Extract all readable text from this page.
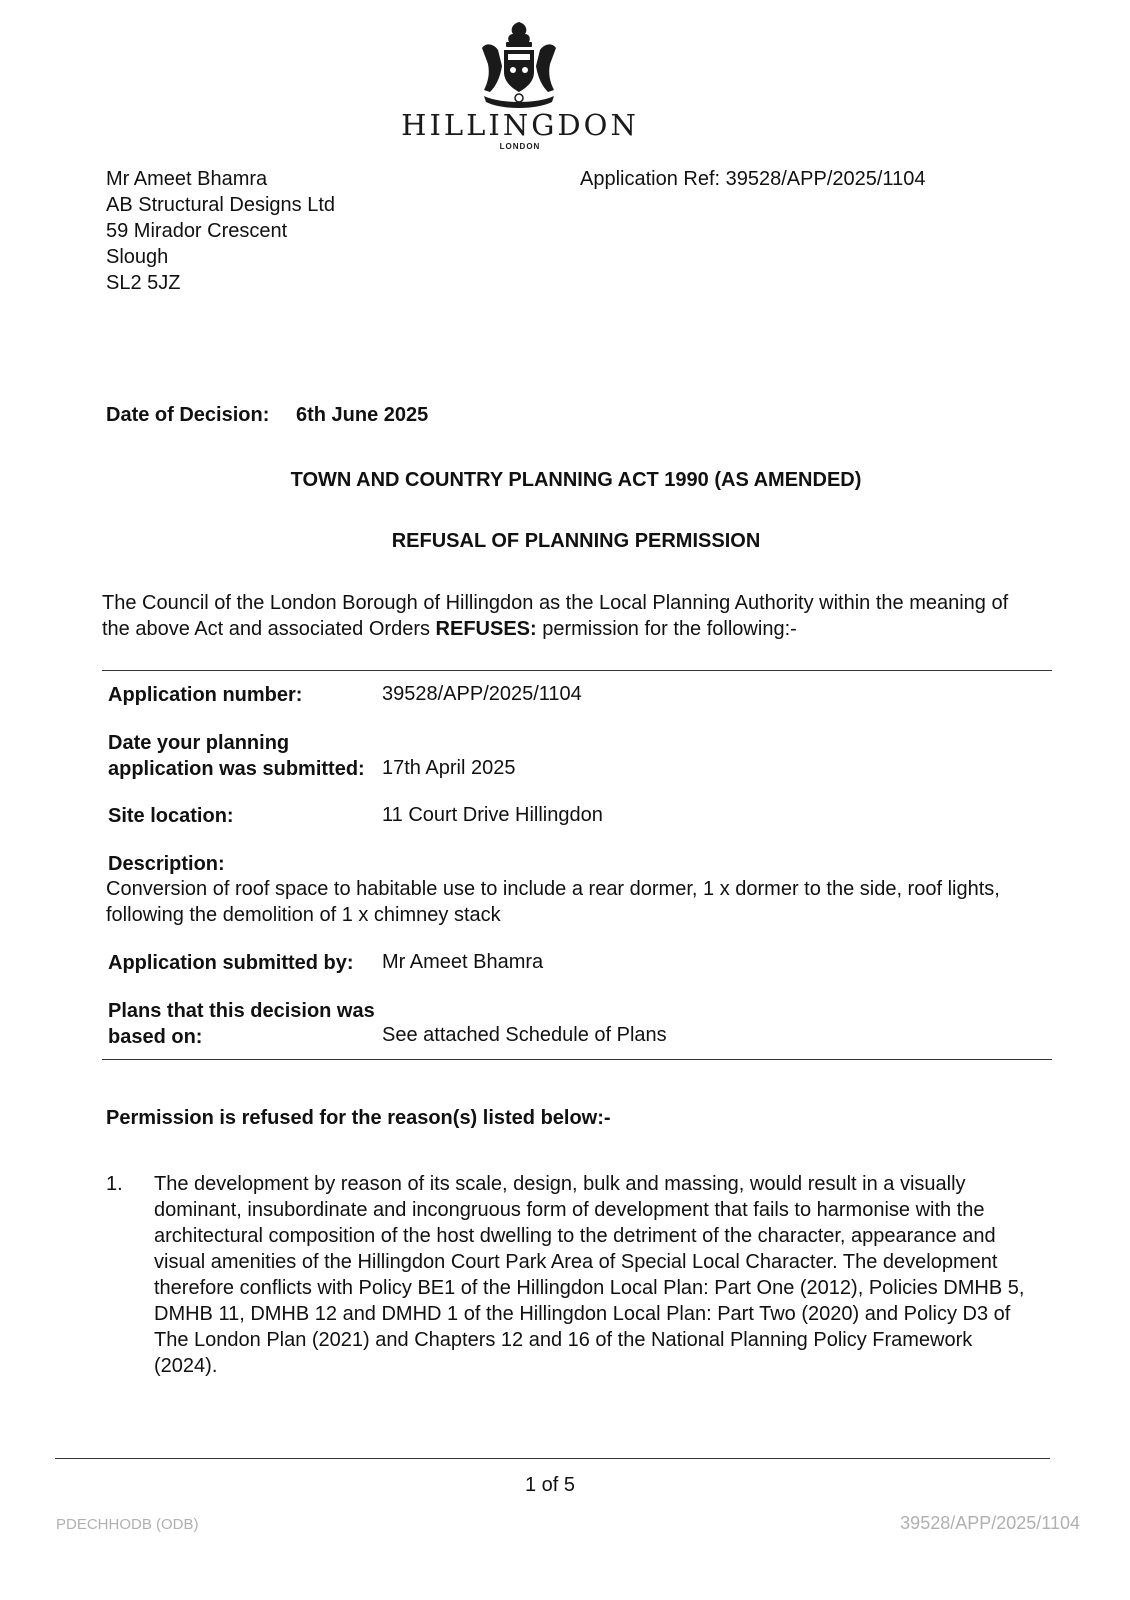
HILLINGDON
LONDON
Mr Ameet Bhamra
AB Structural Designs Ltd
59 Mirador Crescent
Slough
SL2 5JZ
Application Ref: 39528/APP/2025/1104
Date of Decision: 6th June 2025
TOWN AND COUNTRY PLANNING ACT 1990 (AS AMENDED)
REFUSAL OF PLANNING PERMISSION
The Council of the London Borough of Hillingdon as the Local Planning Authority within the meaning of
the above Act and associated Orders REFUSES: permission for the following:-
Application number:	39528/APP/2025/1104
Date your planning
application was submitted: 17th April 2025
Site location:	11 Court Drive Hillingdon
Description:
Conversion of roof space to habitable use to include a rear dormer, 1 x dormer to the side, roof lights,
following the demolition of 1 x chimney stack
Application submitted by:	Mr Ameet Bhamra
Plans that this decision was
based on:	See attached Schedule of Plans
Permission is refused for the reason(s) listed below:-
1. The development by reason of its scale, design, bulk and massing, would result in a visually
dominant, insubordinate and incongruous form of development that fails to harmonise with the
architectural composition of the host dwelling to the detriment of the character, appearance and
visual amenities of the Hillingdon Court Park Area of Special Local Character. The development
therefore conflicts with Policy BE1 of the Hillingdon Local Plan: Part One (2012), Policies DMHB 5,
DMHB 11, DMHB 12 and DMHD 1 of the Hillingdon Local Plan: Part Two (2020) and Policy D3 of
The London Plan (2021) and Chapters 12 and 16 of the National Planning Policy Framework
(2024).
1 of 5
PDECHHODB (ODB)	39528/APP/2025/1104
